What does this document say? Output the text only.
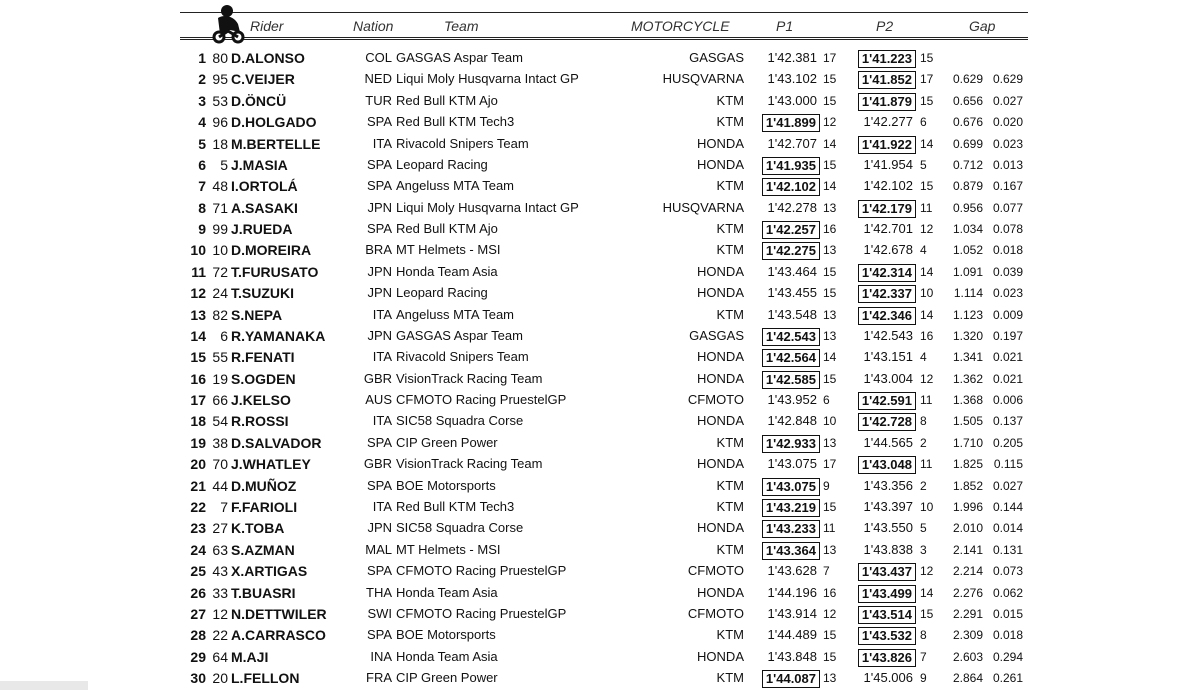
Rider	Nation	Team	MOTORCYCLE	P1	P2	Gap
1 80 D.ALONSO	COL GASGAS Aspar Team	GASGAS 1'42.381 17	1'41.223 15
2 95 C.VEIJER	NED Liqui Moly Husqvarna Intact GP	HUSQVARNA 1'43.102 15	1'41.852 17 0.629 0.629
3 53 D.ÖNCÜ	TUR Red Bull KTM Ajo	KTM 1'43.000 15	1'41.879 15 0.656 0.027
4 96 D.HOLGADO	SPA Red Bull KTM Tech3	KTM	1'41.899 12 1'42.277 6 0.676 0.020
5 18 M.BERTELLE	ITA Rivacold Snipers Team	HONDA 1'42.707 14	1'41.922 14 0.699 0.023
6 5 J.MASIA	SPA Leopard Racing	HONDA	1'41.935 15 1'41.954 5 0.712 0.013
7 48 I.ORTOLÁ	SPA Angeluss MTA Team	KTM	1'42.102 14 1'42.102 15 0.879 0.167
8 71 A.SASAKI	JPN Liqui Moly Husqvarna Intact GP	HUSQVARNA 1'42.278 13	1'42.179 11 0.956 0.077
9 99 J.RUEDA	SPA Red Bull KTM Ajo	KTM	1'42.257 16 1'42.701 12 1.034 0.078
10 10 D.MOREIRA	BRA MT Helmets - MSI	KTM	1'42.275 13 1'42.678 4 1.052 0.018
11 72 T.FURUSATO	JPN Honda Team Asia	HONDA 1'43.464 15	1'42.314 14 1.091 0.039
12 24 T.SUZUKI	JPN Leopard Racing	HONDA 1'43.455 15	1'42.337 10 1.114 0.023
13 82 S.NEPA	ITA Angeluss MTA Team	KTM 1'43.548 13	1'42.346 14 1.123 0.009
14 6 R.YAMANAKA	JPN GASGAS Aspar Team	GASGAS	1'42.543 13 1'42.543 16 1.320 0.197
15 55 R.FENATI	ITA Rivacold Snipers Team	HONDA	1'42.564 14 1'43.151 4 1.341 0.021
16 19 S.OGDEN	GBR VisionTrack Racing Team	HONDA	1'42.585 15 1'43.004 12 1.362 0.021
17 66 J.KELSO	AUS CFMOTO Racing PruestelGP	CFMOTO 1'43.952 6	1'42.591 11 1.368 0.006
18 54 R.ROSSI	ITA SIC58 Squadra Corse	HONDA 1'42.848 10	1'42.728 8 1.505 0.137
19 38 D.SALVADOR	SPA CIP Green Power	KTM	1'42.933 13 1'44.565 2 1.710 0.205
20 70 J.WHATLEY	GBR VisionTrack Racing Team	HONDA 1'43.075 17	1'43.048 11 1.825 0.115
21 44 D.MUÑOZ	SPA BOE Motorsports	KTM	1'43.075 9	1'43.356 2 1.852 0.027
22 7 F.FARIOLI	ITA Red Bull KTM Tech3	KTM	1'43.219 15 1'43.397 10 1.996 0.144
23 27 K.TOBA	JPN SIC58 Squadra Corse	HONDA	1'43.233 11 1'43.550 5 2.010 0.014
24 63 S.AZMAN	MAL MT Helmets - MSI	KTM	1'43.364 13 1'43.838 3 2.141 0.131
25 43 X.ARTIGAS	SPA CFMOTO Racing PruestelGP	CFMOTO 1'43.628 7	1'43.437 12 2.214 0.073
26 33 T.BUASRI	THA Honda Team Asia	HONDA 1'44.196 16	1'43.499 14 2.276 0.062
27 12 N.DETTWILER	SWI CFMOTO Racing PruestelGP	CFMOTO 1'43.914 12	1'43.514 15 2.291 0.015
28 22 A.CARRASCO	SPA BOE Motorsports	KTM 1'44.489 15	1'43.532 8 2.309 0.018
29 64 M.AJI	INA Honda Team Asia	HONDA 1'43.848 15	1'43.826 7 2.603 0.294
30 20 L.FELLON	FRA CIP Green Power	KTM	1'44.087 13 1'45.006 9 2.864 0.261
